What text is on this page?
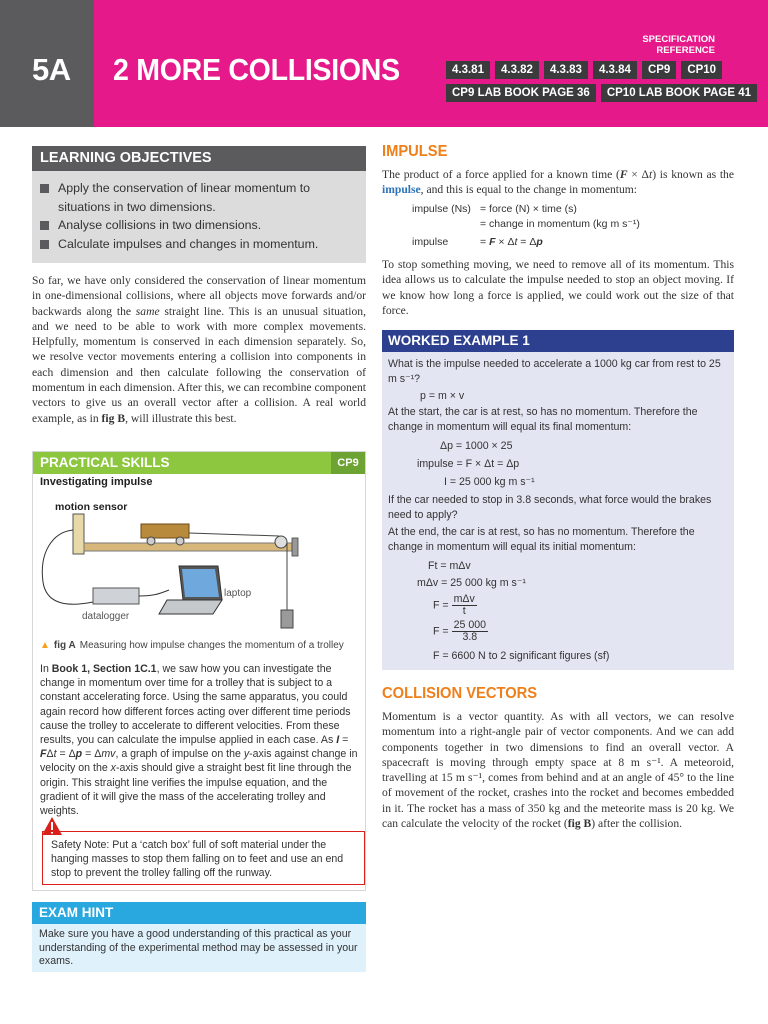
5A 2 MORE COLLISIONS
SPECIFICATION
REFERENCE
4.3.81	4.3.82	4.3.83	4.3.84	CP9	CP10
CP9 LAB BOOK PAGE 36	CP10 LAB BOOK PAGE 41
LEARNING OBJECTIVES
Apply the conservation of linear momentum to situations in two dimensions.
Analyse collisions in two dimensions.
Calculate impulses and changes in momentum.

So far, we have only considered the conservation of linear momentum in one-dimensional collisions, where all objects move forwards and/or backwards along the same straight line. This is an unusual situation, and we need to be able to work with more complex movements. Helpfully, momentum is conserved in each dimension separately. So, we resolve vector movements entering a collision into components in each dimension and then calculate following the conservation of momentum in each dimension. After this, we can recombine component vectors to give us an overall vector after a collision. A real world example, as in fig B, will illustrate this best.

PRACTICAL SKILLS	CP9
Investigating impulse
motion sensor
datalogger
laptop
▲ fig A Measuring how impulse changes the momentum of a trolley

In Book 1, Section 1C.1, we saw how you can investigate the change in momentum over time for a trolley that is subject to a constant accelerating force. Using the same apparatus, you could again record how different forces acting over different time periods cause the trolley to accelerate to different velocities. From these results, you can calculate the impulse applied in each case. As I = FΔt = Δp = Δmv, a graph of impulse on the y-axis against change in velocity on the x-axis should give a straight best fit line through the origin. This straight line verifies the impulse equation, and the gradient of it will give the mass of the accelerating trolley and weights.

Safety Note: Put a ‘catch box’ full of soft material under the hanging masses to stop them falling on to feet and use an end stop to prevent the trolley falling off the runway.
EXAM HINT
Make sure you have a good understanding of this practical as your understanding of the experimental method may be assessed in your exams.
IMPULSE

The product of a force applied for a known time (F × Δt) is known as the impulse, and this is equal to the change in momentum:

impulse (Ns) = force (N) × time (s)
= change in momentum (kg m s⁻¹)
impulse	= F × Δt = Δp

To stop something moving, we need to remove all of its momentum. This idea allows us to calculate the impulse needed to stop an object moving. If we know how long a force is applied, we could work out the size of that force.

WORKED EXAMPLE 1
What is the impulse needed to accelerate a 1000 kg car from rest to 25 m s⁻¹?
p = m × v
At the start, the car is at rest, so has no momentum. Therefore the change in momentum will equal its final momentum:
Δp = 1000 × 25
impulse = F × Δt = Δp
I = 25 000 kg m s⁻¹
If the car needed to stop in 3.8 seconds, what force would the brakes need to apply?
At the end, the car is at rest, so has no momentum. Therefore the change in momentum will equal its initial momentum:
Ft = mΔv
mΔv = 25 000 kg m s⁻¹
$F = \frac{\text{mΔv}}{t}$
$F = \frac{25 000}{3.8}$
F = 6600 N to 2 significant figures (sf)
COLLISION VECTORS

Momentum is a vector quantity. As with all vectors, we can resolve momentum into a right-angle pair of vector components. And we can add components together in two dimensions to find an overall vector. A spacecraft is moving through empty space at 8 m s⁻¹. A meteoroid, travelling at 15 m s⁻¹, comes from behind and at an angle of 45° to the line of movement of the rocket, crashes into the rocket and becomes embedded in it. The rocket has a mass of 350 kg and the meteorite mass is 20 kg. We can calculate the velocity of the rocket (fig B) after the collision.
